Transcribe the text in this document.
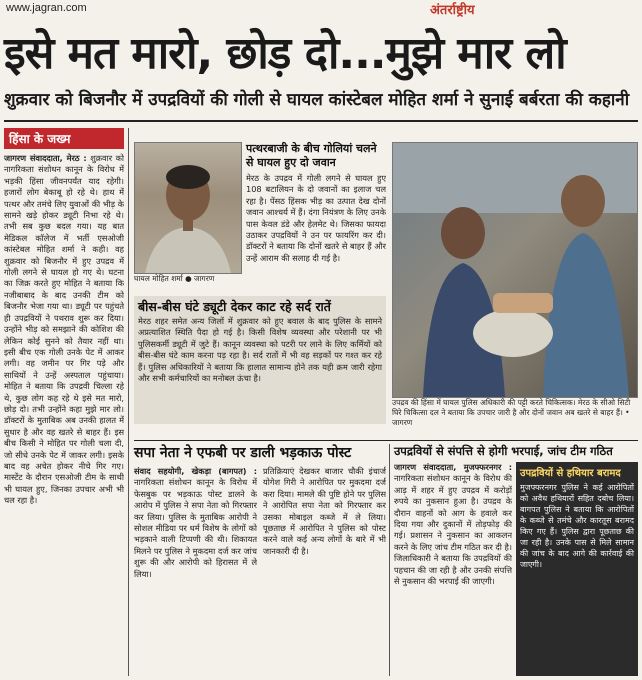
www.jagran.com	अंतर्राष्ट्रीय
इसे मत मारो, छोड़ दो...मुझे मार लो
शुक्रवार को बिजनौर में उपद्रवियों की गोली से घायल कांस्टेबल मोहित शर्मा ने सुनाई बर्बरता की कहानी
हिंसा के जख्म
जागरण संवाददाता, मेरठ : शुक्रवार को नागरिकता संशोधन कानून के विरोध में भड़की हिंसा जीवनपर्यंत याद रहेगी। हजारों लोग बेकाबू हो रहे थे। हाथ में पत्थर और तमंचे लिए युवाओं की भीड़ के सामने खड़े होकर ड्यूटी निभा रहे थे। तभी सब कुछ बदल गया। यह बात मेडिकल कॉलेज में भर्ती एसओजी कांस्टेबल मोहित शर्मा ने कही। वह शुक्रवार को बिजनौर में हुए उपद्रव में गोली लगने से घायल हो गए थे। घटना का जिक्र करते हुए मोहित ने बताया कि नजीबाबाद के बाद उनकी टीम को बिजनौर भेजा गया था। ड्यूटी पर पहुंचते ही उपद्रवियों ने पथराव शुरू कर दिया। उन्होंने भीड़ को समझाने की कोशिश की लेकिन कोई सुनने को तैयार नहीं था। इसी बीच एक गोली उनके पेट में आकर लगी। वह जमीन पर गिर पड़े और साथियों ने उन्हें अस्पताल पहुंचाया। मोहित ने बताया कि उपद्रवी चिल्ला रहे थे, कुछ लोग कह रहे थे इसे मत मारो, छोड़ दो। तभी उन्होंने कहा मुझे मार लो। डॉक्टरों के मुताबिक अब उनकी हालत में सुधार है और वह खतरे से बाहर हैं। इस बीच किसी ने मोहित पर गोली चला दी, जो सीधे उनके पेट में जाकर लगी। इसके बाद वह अचेत होकर नीचे गिर गए। मास्टेंट के दौरान एसओजी टीम के साथी भी घायल हुए, जिनका उपचार अभी भी चल रहा है।
घायल मोहित शर्मा ● जागरण
पत्थरबाजी के बीच गोलियां चलने से घायल हुए दो जवान
मेरठ के उपद्रव में गोली लगने से घायल हुए 108 बटालियन के दो जवानों का इलाज चल रहा है। पेंसठ हिंसक भीड़ का उत्पात देख दोनों जवान आश्चर्य में हैं। दंगा नियंत्रण के लिए उनके पास केवल डंडे और हेलमेट थे। जिसका फायदा उठाकर उपद्रवियों ने उन पर फायरिंग कर दी। डॉक्टरों ने बताया कि दोनों खतरे से बाहर हैं और उन्हें आराम की सलाह दी गई है।
बीस-बीस घंटे ड्यूटी देकर काट रहे सर्द रातें
मेरठ शहर समेत अन्य जिलों में शुक्रवार को हुए बवाल के बाद पुलिस के सामने अप्रत्याशित स्थिति पैदा हो गई है। किसी विशेष व्यवस्था और परेशानी पर भी पुलिसकर्मी ड्यूटी में जुटे हैं। कानून व्यवस्था को पटरी पर लाने के लिए कर्मियों को बीस-बीस घंटे काम करना पड़ रहा है। सर्द रातों में भी वह सड़कों पर गश्त कर रहे हैं। पुलिस अधिकारियों ने बताया कि हालात सामान्य होने तक यही क्रम जारी रहेगा और सभी कर्मचारियों का मनोबल ऊंचा है।
उपद्रव की हिंसा में घायल पुलिस अधिकारी की पट्टी करते चिकित्सक। मेरठ के सीओ सिटी घिरे चिकित्सा दल ने बताया कि उपचार जारी है और दोनों जवान अब खतरे से बाहर हैं। • जागरण
सपा नेता ने एफबी पर डाली भड़काऊ पोस्ट
संवाद सहयोगी, खेकड़ा (बागपत) : नागरिकता संशोधन कानून के विरोध में फेसबुक पर भड़काऊ पोस्ट डालने के आरोप में पुलिस ने सपा नेता को गिरफ्तार कर लिया। पुलिस के मुताबिक आरोपी ने सोशल मीडिया पर धर्म विशेष के लोगों को भड़काने वाली टिप्पणी की थी। शिकायत मिलने पर पुलिस ने मुकदमा दर्ज कर जांच शुरू की और आरोपी को हिरासत में ले लिया।
प्रतिक्रियाएं देखकर बाजार चौकी इंचार्ज योगेश गिरी ने आरोपित पर मुकदमा दर्ज करा दिया। मामले की पुष्टि होने पर पुलिस ने आरोपित सपा नेता को गिरफ्तार कर उसका मोबाइल कब्जे में ले लिया। पूछताछ में आरोपित ने पुलिस को पोस्ट करने वाले कई अन्य लोगों के बारे में भी जानकारी दी है।
उपद्रवियों से संपत्ति से होगी भरपाई, जांच टीम गठित
जागरण संवाददाता, मुजफ्फरनगर : नागरिकता संशोधन कानून के विरोध की आड़ में शहर में हुए उपद्रव में करोड़ों रुपये का नुकसान हुआ है। उपद्रव के दौरान वाहनों को आग के हवाले कर दिया गया और दुकानों में तोड़फोड़ की गई। प्रशासन ने नुकसान का आकलन करने के लिए जांच टीम गठित कर दी है। जिलाधिकारी ने बताया कि उपद्रवियों की पहचान की जा रही है और उनकी संपत्ति से नुकसान की भरपाई की जाएगी।
उपद्रवियों से हथियार बरामद
मुजफ्फरनगर पुलिस ने कई आरोपितों को अवैध हथियारों सहित दबोच लिया। बागपत पुलिस ने बताया कि आरोपितों के कब्जे से तमंचे और कारतूस बरामद किए गए हैं। पुलिस द्वारा पूछताछ की जा रही है। उनके पास से मिले सामान की जांच के बाद आगे की कार्रवाई की जाएगी।
